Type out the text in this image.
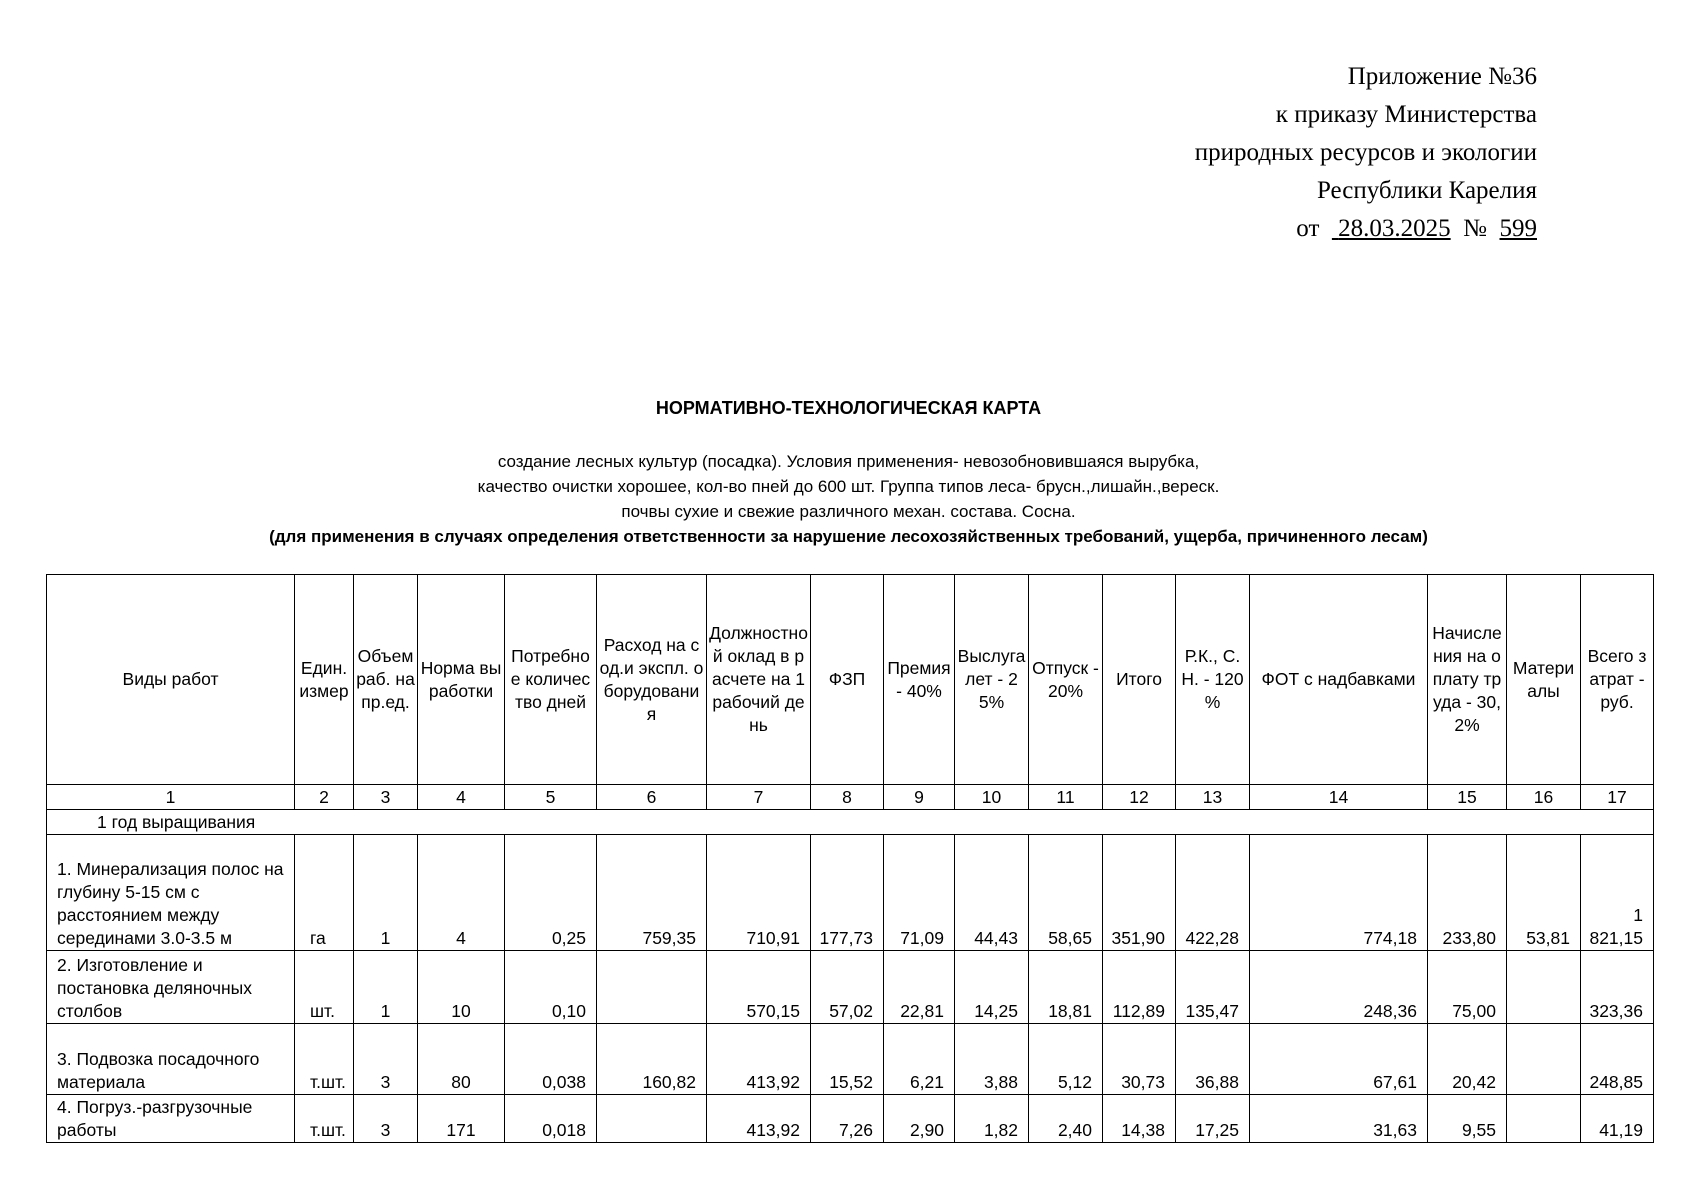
Приложение №36
к приказу Министерства
природных ресурсов и экологии
Республики Карелия
от   28.03.2025 № 599
НОРМАТИВНО-ТЕХНОЛОГИЧЕСКАЯ КАРТА
создание лесных культур (посадка). Условия применения- невозобновившаяся вырубка,
качество очистки хорошее, кол-во пней до 600 шт. Группа типов леса- брусн.,лишайн.,вереск.
почвы сухие и свежие различного механ. состава. Сосна.
(для применения в случаях определения ответственности за нарушение лесохозяйственных требований, ущерба, причиненного лесам)
Виды работ	Един. измер	Объем раб. на пр.ед.	Норма выработки	Потребное количество дней	Расход на сод.и экспл. оборудования	Должностной оклад в расчете на 1 рабочий день	ФЗП	Премия - 40%	Выслуга лет - 25%	Отпуск - 20%	Итого	Р.К., С.Н. - 120 %	ФОТ с надбавками	Начисления на оплату труда - 30,2%	Материалы	Всего затрат - руб.
1	2	3	4	5	6	7	8	9	10	11	12	13	14	15	16	17
1 год выращивания																
1. Минерализация полос на глубину 5-15 см с расстоянием между серединами 3.0-3.5 м	га	1	4	0,25	759,35	710,91	177,73	71,09	44,43	58,65	351,90	422,28	774,18	233,80	53,81	1 821,15
2. Изготовление и постановка деляночных столбов	шт.	1	10	0,10		570,15	57,02	22,81	14,25	18,81	112,89	135,47	248,36	75,00		323,36
3. Подвозка посадочного материала	т.шт.	3	80	0,038	160,82	413,92	15,52	6,21	3,88	5,12	30,73	36,88	67,61	20,42		248,85
4. Погруз.-разгрузочные работы	т.шт.	3	171	0,018		413,92	7,26	2,90	1,82	2,40	14,38	17,25	31,63	9,55		41,19
